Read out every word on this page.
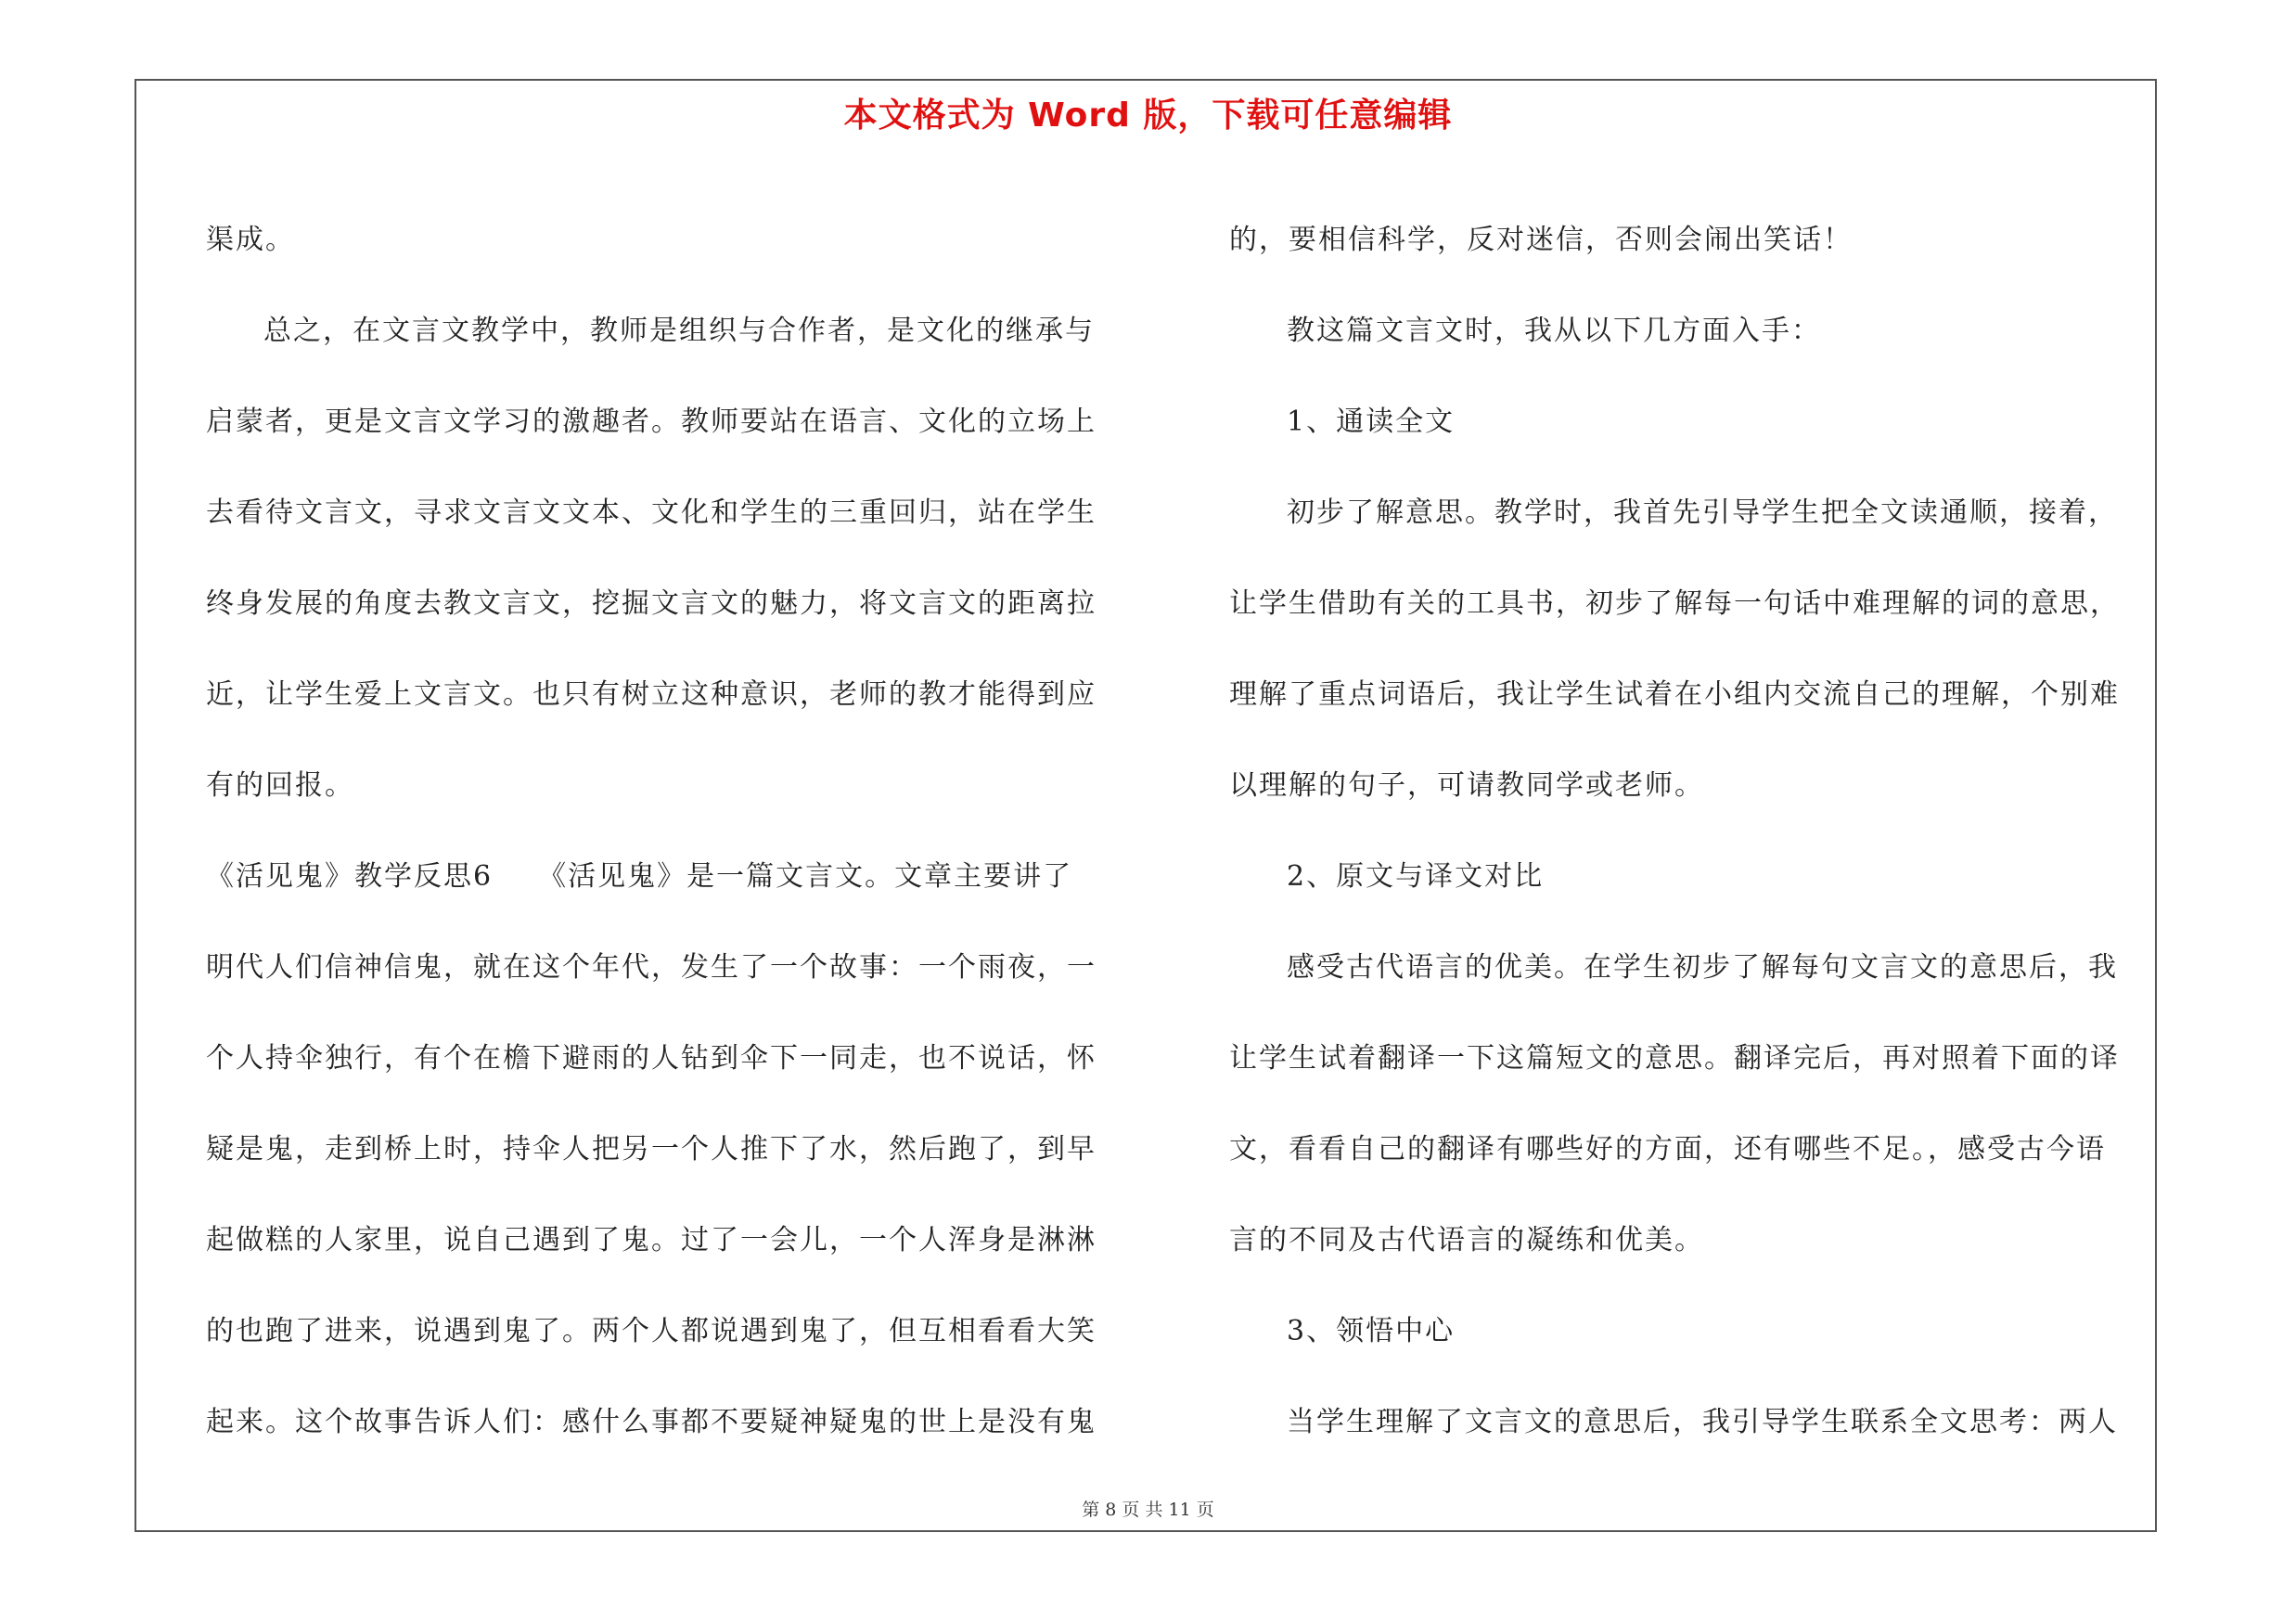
本文格式为 Word 版，下载可任意编辑

渠成。

总之，在文言文教学中，教师是组织与合作者，是文化的继承与

启蒙者，更是文言文学习的激趣者。教师要站在语言、文化的立场上

去看待文言文，寻求文言文文本、文化和学生的三重回归，站在学生

终身发展的角度去教文言文，挖掘文言文的魅力，将文言文的距离拉

近，让学生爱上文言文。也只有树立这种意识，老师的教才能得到应

有的回报。

《活见鬼》教学反思6　　《活见鬼》是一篇文言文。文章主要讲了

明代人们信神信鬼，就在这个年代，发生了一个故事：一个雨夜，一

个人持伞独行，有个在檐下避雨的人钻到伞下一同走，也不说话，怀

疑是鬼，走到桥上时，持伞人把另一个人推下了水，然后跑了，到早

起做糕的人家里，说自己遇到了鬼。过了一会儿，一个人浑身是淋淋

的也跑了进来，说遇到鬼了。两个人都说遇到鬼了，但互相看看大笑

起来。这个故事告诉人们：感什么事都不要疑神疑鬼的世上是没有鬼

的，要相信科学，反对迷信，否则会闹出笑话！

教这篇文言文时，我从以下几方面入手：

1、通读全文

初步了解意思。教学时，我首先引导学生把全文读通顺，接着，

让学生借助有关的工具书，初步了解每一句话中难理解的词的意思，

理解了重点词语后，我让学生试着在小组内交流自己的理解，个别难

以理解的句子，可请教同学或老师。

2、原文与译文对比

感受古代语言的优美。在学生初步了解每句文言文的意思后，我

让学生试着翻译一下这篇短文的意思。翻译完后，再对照着下面的译

文，看看自己的翻译有哪些好的方面，还有哪些不足。，感受古今语

言的不同及古代语言的凝练和优美。

3、领悟中心

当学生理解了文言文的意思后，我引导学生联系全文思考：两人

第 8 页 共 11 页
